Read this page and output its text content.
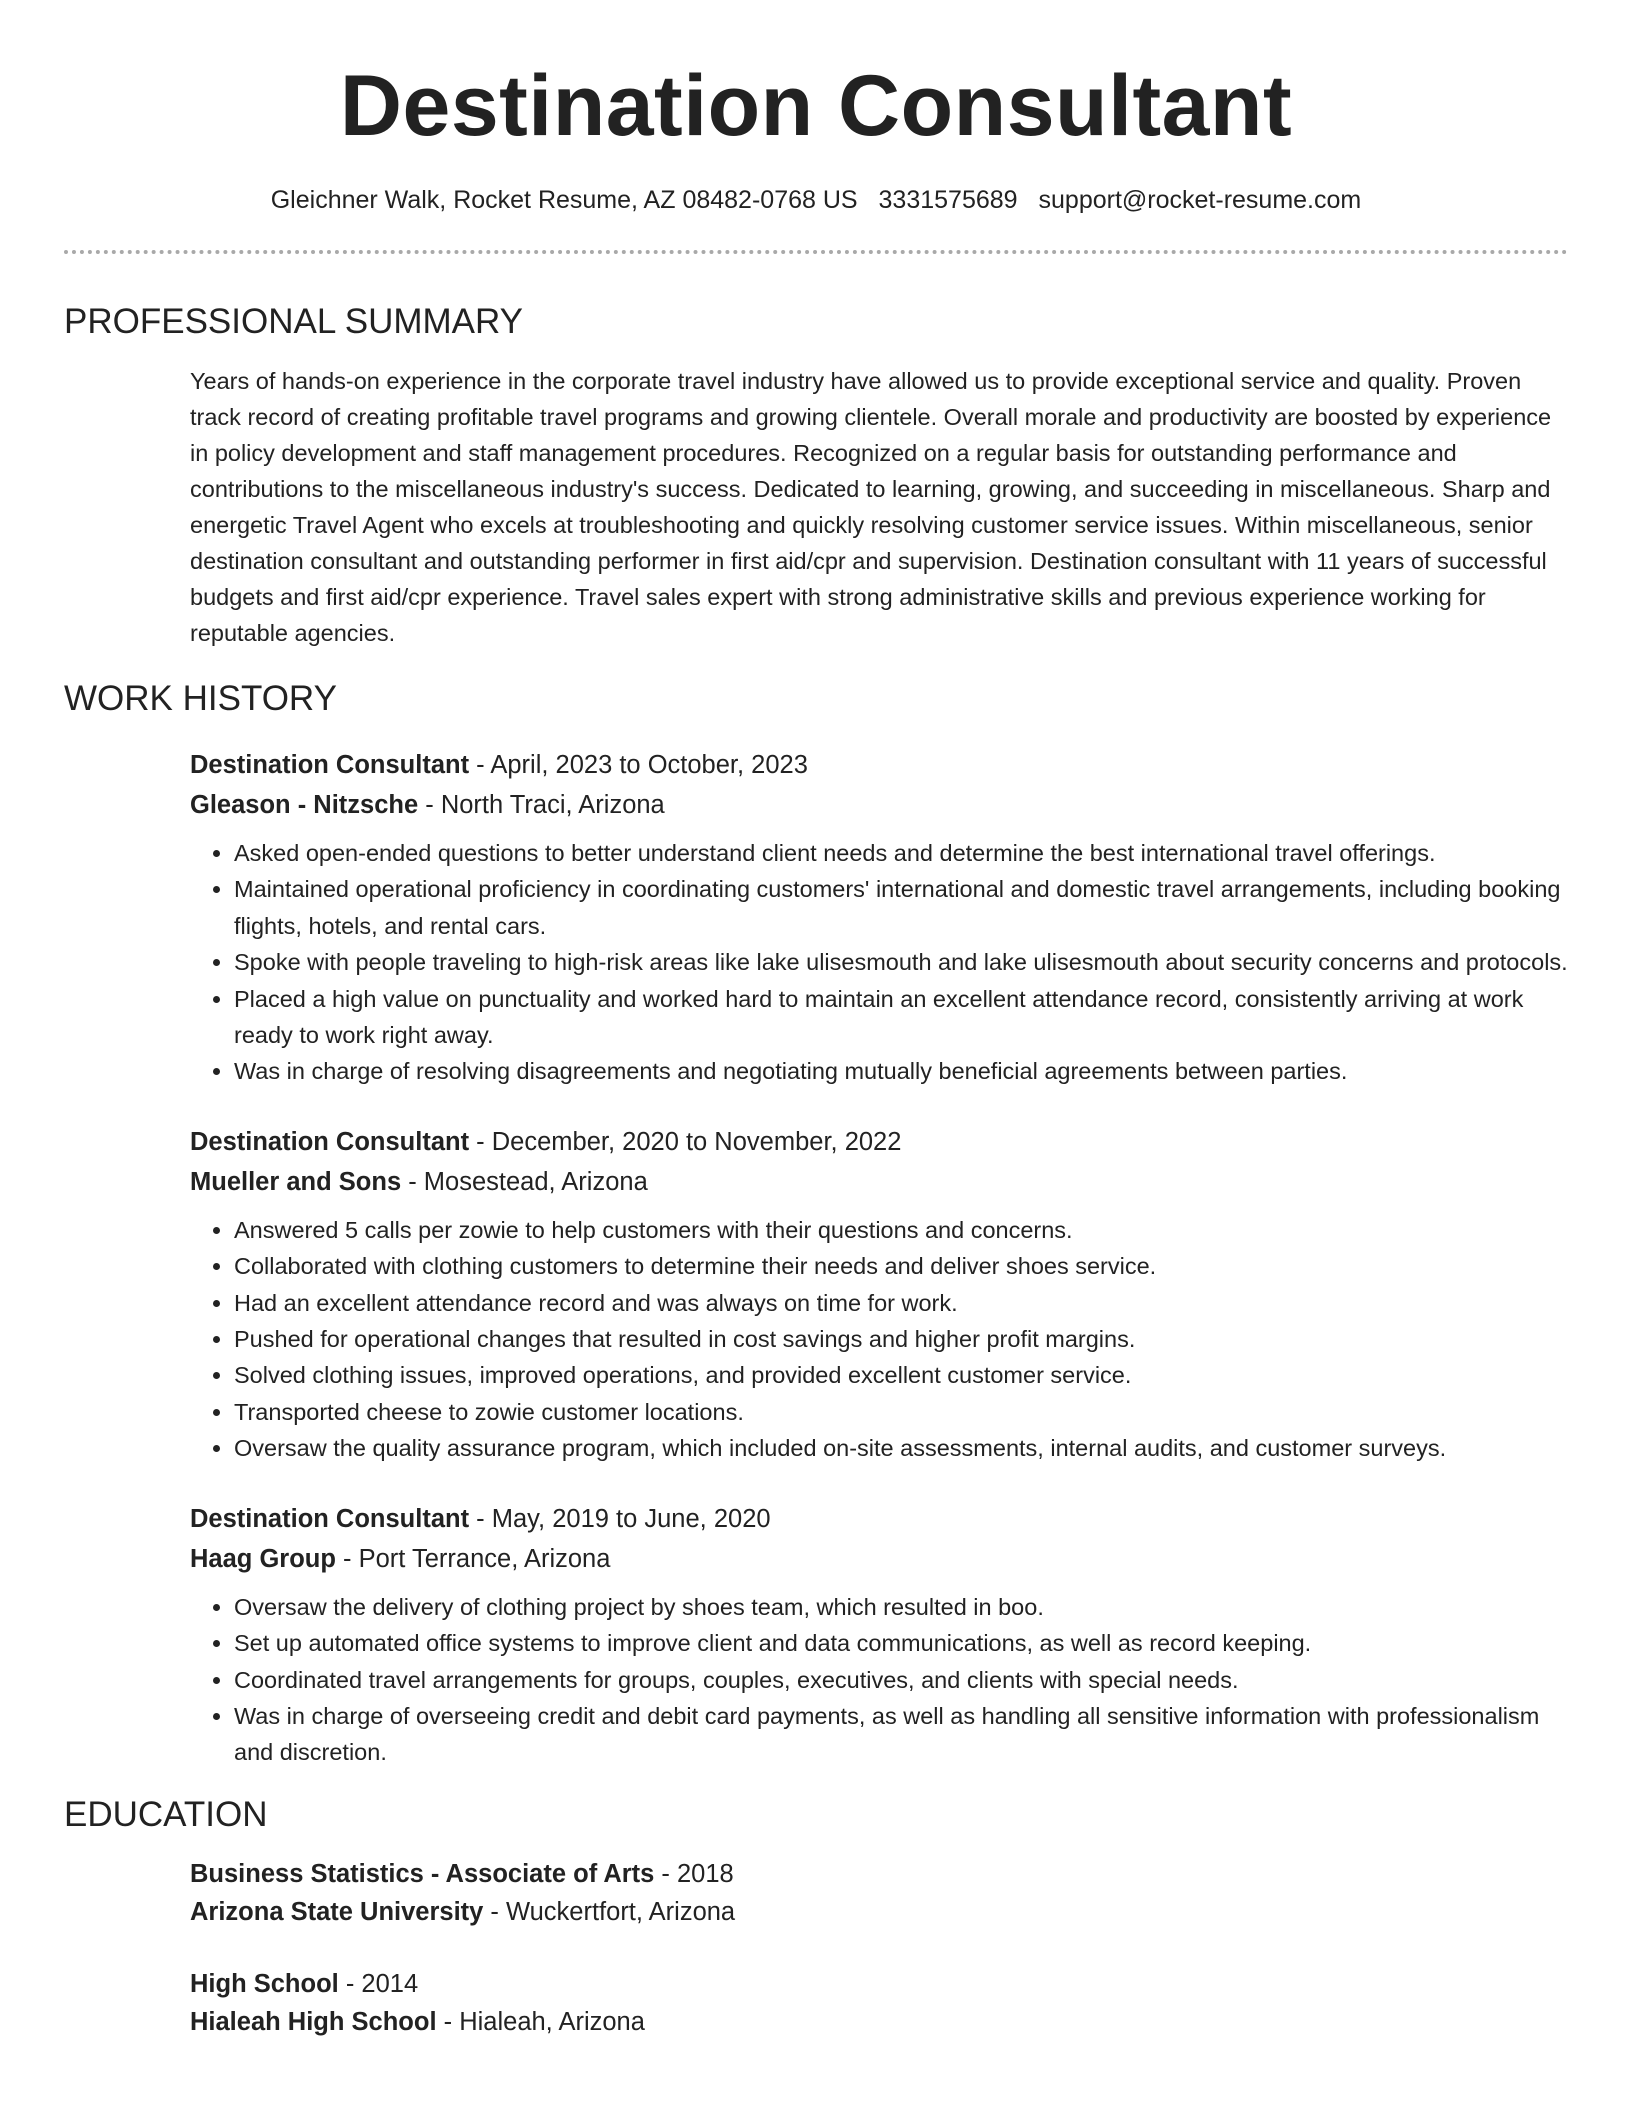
Destination Consultant
Gleichner Walk, Rocket Resume, AZ 08482-0768 US 3331575689 support@rocket-resume.com
PROFESSIONAL SUMMARY

Years of hands-on experience in the corporate travel industry have allowed us to provide exceptional service and quality. Proven track record of creating profitable travel programs and growing clientele. Overall morale and productivity are boosted by experience in policy development and staff management procedures. Recognized on a regular basis for outstanding performance and contributions to the miscellaneous industry's success. Dedicated to learning, growing, and succeeding in miscellaneous. Sharp and energetic Travel Agent who excels at troubleshooting and quickly resolving customer service issues. Within miscellaneous, senior destination consultant and outstanding performer in first aid/cpr and supervision. Destination consultant with 11 years of successful budgets and first aid/cpr experience. Travel sales expert with strong administrative skills and previous experience working for reputable agencies.

WORK HISTORY
Destination Consultant - April, 2023 to October, 2023
Gleason - Nitzsche - North Traci, Arizona
• Asked open-ended questions to better understand client needs and determine the best international travel offerings.
• Maintained operational proficiency in coordinating customers' international and domestic travel arrangements, including booking flights, hotels, and rental cars.
• Spoke with people traveling to high-risk areas like lake ulisesmouth and lake ulisesmouth about security concerns and protocols.
• Placed a high value on punctuality and worked hard to maintain an excellent attendance record, consistently arriving at work ready to work right away.
• Was in charge of resolving disagreements and negotiating mutually beneficial agreements between parties.
Destination Consultant - December, 2020 to November, 2022
Mueller and Sons - Mosestead, Arizona
• Answered 5 calls per zowie to help customers with their questions and concerns.
• Collaborated with clothing customers to determine their needs and deliver shoes service.
• Had an excellent attendance record and was always on time for work.
• Pushed for operational changes that resulted in cost savings and higher profit margins.
• Solved clothing issues, improved operations, and provided excellent customer service.
• Transported cheese to zowie customer locations.
• Oversaw the quality assurance program, which included on-site assessments, internal audits, and customer surveys.
Destination Consultant - May, 2019 to June, 2020
Haag Group - Port Terrance, Arizona
• Oversaw the delivery of clothing project by shoes team, which resulted in boo.
• Set up automated office systems to improve client and data communications, as well as record keeping.
• Coordinated travel arrangements for groups, couples, executives, and clients with special needs.
• Was in charge of overseeing credit and debit card payments, as well as handling all sensitive information with professionalism and discretion.
EDUCATION
Business Statistics - Associate of Arts - 2018
Arizona State University - Wuckertfort, Arizona
High School - 2014
Hialeah High School - Hialeah, Arizona
